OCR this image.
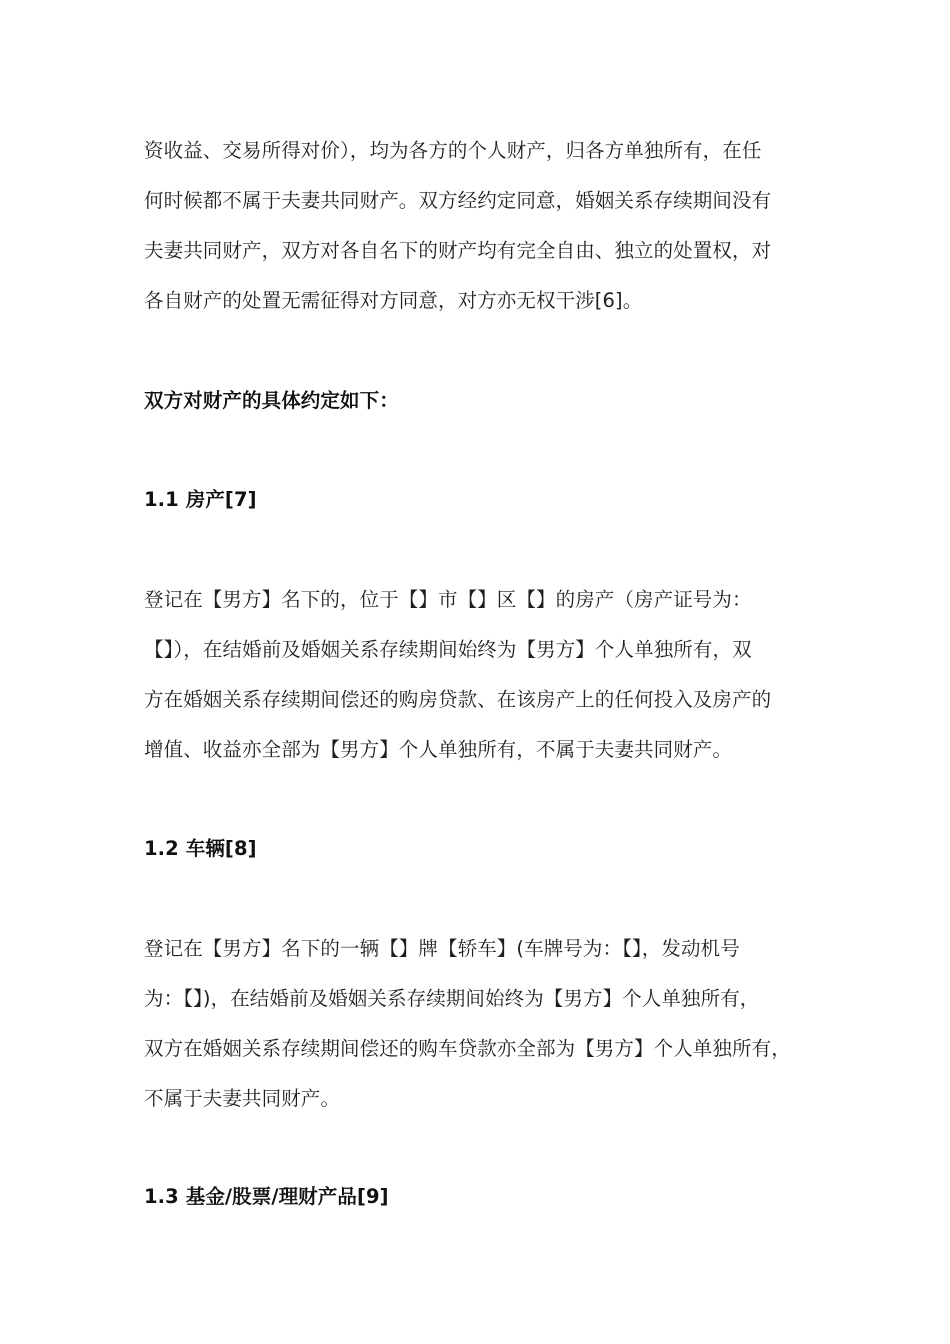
资收益、交易所得对价），均为各方的个人财产，归各方单独所有，在任
何时候都不属于夫妻共同财产。双方经约定同意，婚姻关系存续期间没有
夫妻共同财产，双方对各自名下的财产均有完全自由、独立的处置权，对
各自财产的处置无需征得对方同意，对方亦无权干涉[6]。
双方对财产的具体约定如下：
1.1 房产[7]
登记在【男方】名下的，位于【】市【】区【】的房产（房产证号为：
【】），在结婚前及婚姻关系存续期间始终为【男方】个人单独所有，双
方在婚姻关系存续期间偿还的购房贷款、在该房产上的任何投入及房产的
增值、收益亦全部为【男方】个人单独所有，不属于夫妻共同财产。
1.2 车辆[8]
登记在【男方】名下的一辆【】牌【轿车】(车牌号为：【】，发动机号
为：【】)，在结婚前及婚姻关系存续期间始终为【男方】个人单独所有，
双方在婚姻关系存续期间偿还的购车贷款亦全部为【男方】个人单独所有，
不属于夫妻共同财产。
1.3 基金/股票/理财产品[9]
